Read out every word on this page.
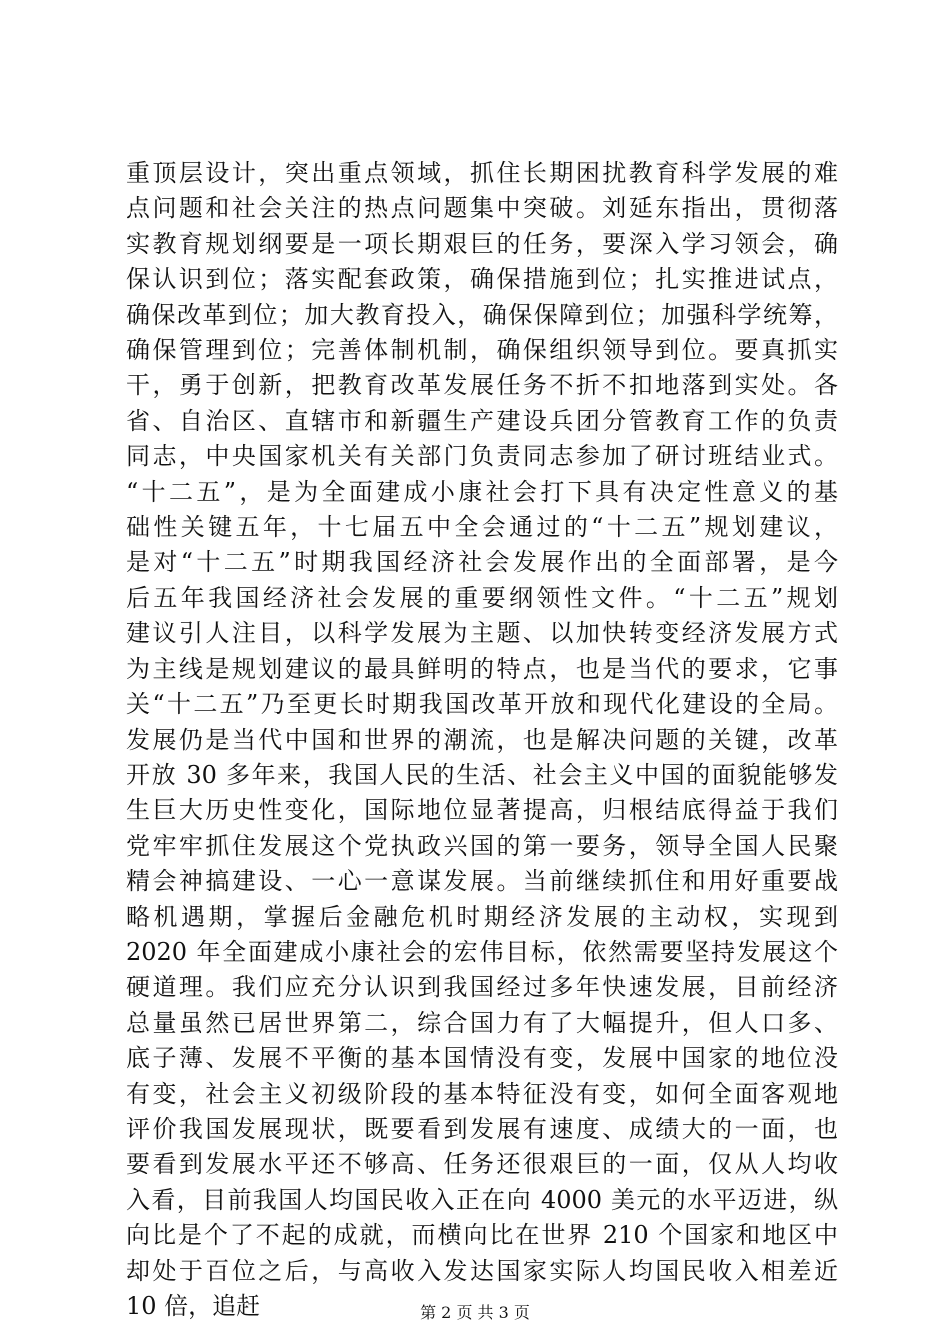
重顶层设计，突出重点领域，抓住长期困扰教育科学发展的难
点问题和社会关注的热点问题集中突破。刘延东指出，贯彻落
实教育规划纲要是一项长期艰巨的任务，要深入学习领会，确
保认识到位；落实配套政策，确保措施到位；扎实推进试点，
确保改革到位；加大教育投入，确保保障到位；加强科学统筹，
确保管理到位；完善体制机制，确保组织领导到位。要真抓实
干，勇于创新，把教育改革发展任务不折不扣地落到实处。各
省、自治区、直辖市和新疆生产建设兵团分管教育工作的负责
同志，中央国家机关有关部门负责同志参加了研讨班结业式。
“十二五”，是为全面建成小康社会打下具有决定性意义的基
础性关键五年，十七届五中全会通过的“十二五”规划建议，
是对“十二五”时期我国经济社会发展作出的全面部署，是今
后五年我国经济社会发展的重要纲领性文件。“十二五”规划
建议引人注目，以科学发展为主题、以加快转变经济发展方式
为主线是规划建议的最具鲜明的特点，也是当代的要求，它事
关“十二五”乃至更长时期我国改革开放和现代化建设的全局。
发展仍是当代中国和世界的潮流，也是解决问题的关键，改革
开放 30 多年来，我国人民的生活、社会主义中国的面貌能够发
生巨大历史性变化，国际地位显著提高，归根结底得益于我们
党牢牢抓住发展这个党执政兴国的第一要务，领导全国人民聚
精会神搞建设、一心一意谋发展。当前继续抓住和用好重要战
略机遇期，掌握后金融危机时期经济发展的主动权，实现到
2020 年全面建成小康社会的宏伟目标，依然需要坚持发展这个
硬道理。我们应充分认识到我国经过多年快速发展，目前经济
总量虽然已居世界第二，综合国力有了大幅提升，但人口多、
底子薄、发展不平衡的基本国情没有变，发展中国家的地位没
有变，社会主义初级阶段的基本特征没有变，如何全面客观地
评价我国发展现状，既要看到发展有速度、成绩大的一面，也
要看到发展水平还不够高、任务还很艰巨的一面，仅从人均收
入看，目前我国人均国民收入正在向 4000 美元的水平迈进，纵
向比是个了不起的成就，而横向比在世界 210 个国家和地区中
却处于百位之后，与高收入发达国家实际人均国民收入相差近
10 倍，追赶	第 2 页 共 3 页
